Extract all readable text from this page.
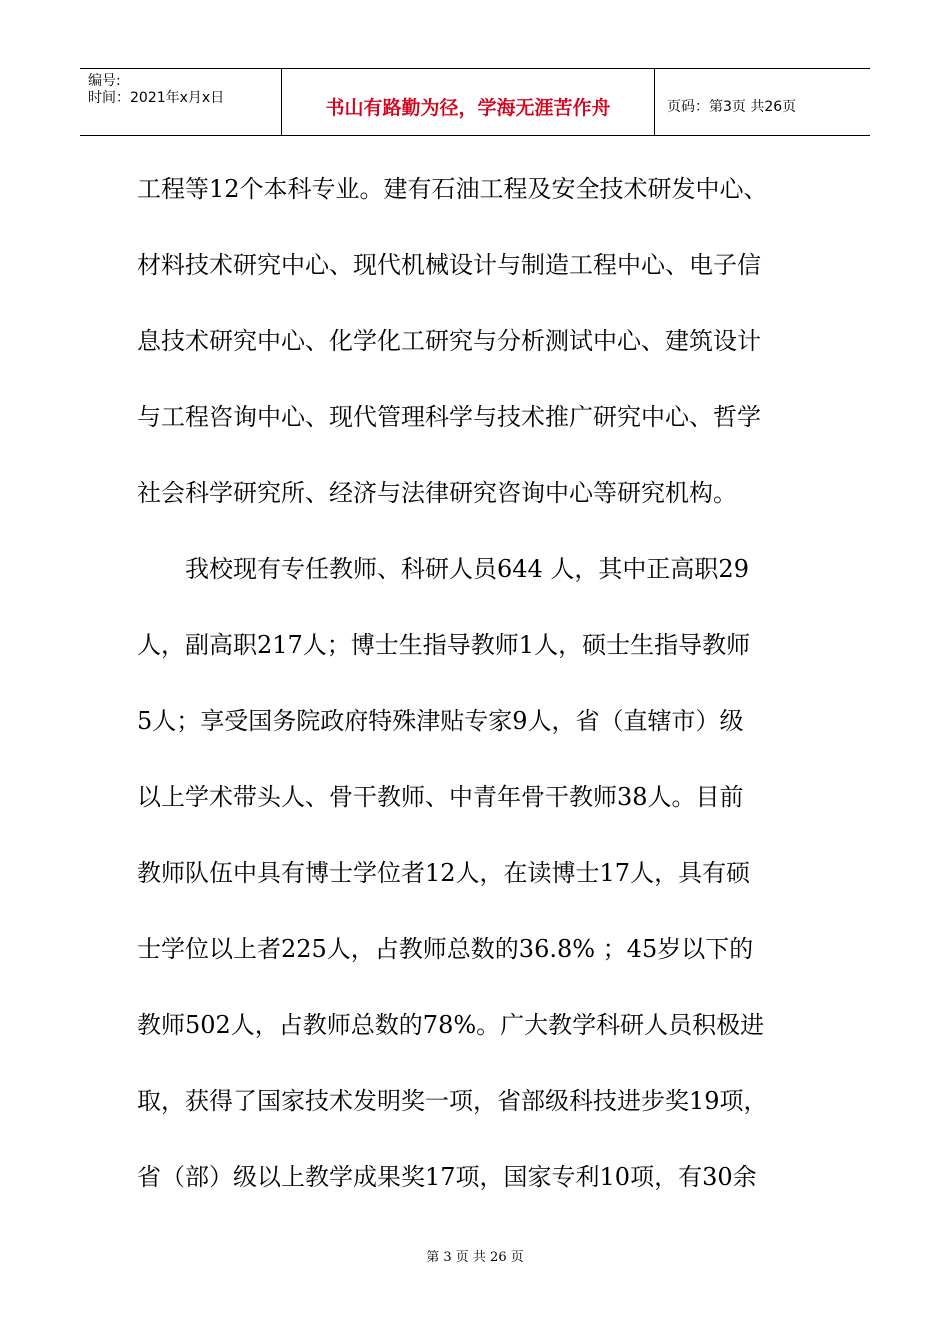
编号:
时间：2021年x月x日	书山有路勤为径，学海无涯苦作舟	页码：第3页 共26页
工程等12个本科专业。建有石油工程及安全技术研发中心、
材料技术研究中心、现代机械设计与制造工程中心、电子信
息技术研究中心、化学化工研究与分析测试中心、建筑设计
与工程咨询中心、现代管理科学与技术推广研究中心、哲学
社会科学研究所、经济与法律研究咨询中心等研究机构。
我校现有专任教师、科研人员644 人，其中正高职29
人，副高职217人；博士生指导教师1人，硕士生指导教师
5人；享受国务院政府特殊津贴专家9人，省（直辖市）级
以上学术带头人、骨干教师、中青年骨干教师38人。目前
教师队伍中具有博士学位者12人，在读博士17人，具有硕
士学位以上者225人，占教师总数的36.8% ；45岁以下的
教师502人，占教师总数的78%。广大教学科研人员积极进
取，获得了国家技术发明奖一项，省部级科技进步奖19项，
省（部）级以上教学成果奖17项，国家专利10项，有30余
第 3 页 共 26 页
